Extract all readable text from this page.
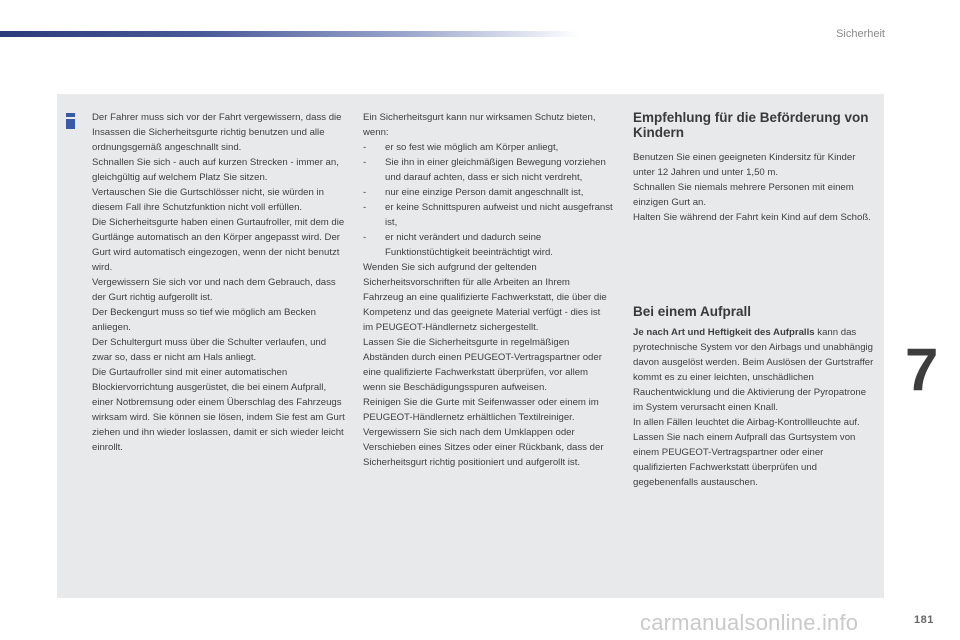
Sicherheit

Der Fahrer muss sich vor der Fahrt vergewissern, dass die Insassen die Sicherheitsgurte richtig benutzen und alle ordnungsgemäß angeschnallt sind.

Schnallen Sie sich - auch auf kurzen Strecken - immer an, gleichgültig auf welchem Platz Sie sitzen.

Vertauschen Sie die Gurtschlösser nicht, sie würden in diesem Fall ihre Schutzfunktion nicht voll erfüllen.

Die Sicherheitsgurte haben einen Gurtaufroller, mit dem die Gurtlänge automatisch an den Körper angepasst wird. Der Gurt wird automatisch eingezogen, wenn der nicht benutzt wird.

Vergewissern Sie sich vor und nach dem Gebrauch, dass der Gurt richtig aufgerollt ist.

Der Beckengurt muss so tief wie möglich am Becken anliegen.

Der Schultergurt muss über die Schulter verlaufen, und zwar so, dass er nicht am Hals anliegt.

Die Gurtaufroller sind mit einer automatischen Blockiervorrichtung ausgerüstet, die bei einem Aufprall, einer Notbremsung oder einem Überschlag des Fahrzeugs wirksam wird. Sie können sie lösen, indem Sie fest am Gurt ziehen und ihn wieder loslassen, damit er sich wieder leicht einrollt.

Ein Sicherheitsgurt kann nur wirksamen Schutz bieten, wenn:

- er so fest wie möglich am Körper anliegt,
- Sie ihn in einer gleichmäßigen Bewegung vorziehen und darauf achten, dass er sich nicht verdreht,
- nur eine einzige Person damit angeschnallt ist,
- er keine Schnittspuren aufweist und nicht ausgefranst ist,
- er nicht verändert und dadurch seine Funktionstüchtigkeit beeinträchtigt wird.

Wenden Sie sich aufgrund der geltenden Sicherheitsvorschriften für alle Arbeiten an Ihrem Fahrzeug an eine qualifizierte Fachwerkstatt, die über die Kompetenz und das geeignete Material verfügt - dies ist im PEUGEOT-Händlernetz sichergestellt.

Lassen Sie die Sicherheitsgurte in regelmäßigen Abständen durch einen PEUGEOT-Vertragspartner oder eine qualifizierte Fachwerkstatt überprüfen, vor allem wenn sie Beschädigungsspuren aufweisen.

Reinigen Sie die Gurte mit Seifenwasser oder einem im PEUGEOT-Händlernetz erhältlichen Textilreiniger.

Vergewissern Sie sich nach dem Umklappen oder Verschieben eines Sitzes oder einer Rückbank, dass der Sicherheitsgurt richtig positioniert und aufgerollt ist.

Empfehlung für die Beförderung von Kindern

Benutzen Sie einen geeigneten Kindersitz für Kinder unter 12 Jahren und unter 1,50 m.

Schnallen Sie niemals mehrere Personen mit einem einzigen Gurt an.

Halten Sie während der Fahrt kein Kind auf dem Schoß.

Bei einem Aufprall

Je nach Art und Heftigkeit des Aufpralls kann das pyrotechnische System vor den Airbags und unabhängig davon ausgelöst werden. Beim Auslösen der Gurtstraffer kommt es zu einer leichten, unschädlichen Rauchentwicklung und die Aktivierung der Pyropatrone im System verursacht einen Knall.

In allen Fällen leuchtet die Airbag-Kontrollleuchte auf.

Lassen Sie nach einem Aufprall das Gurtsystem von einem PEUGEOT-Vertragspartner oder einer qualifizierten Fachwerkstatt überprüfen und gegebenenfalls austauschen.

7
carmanualsonline.info	181
